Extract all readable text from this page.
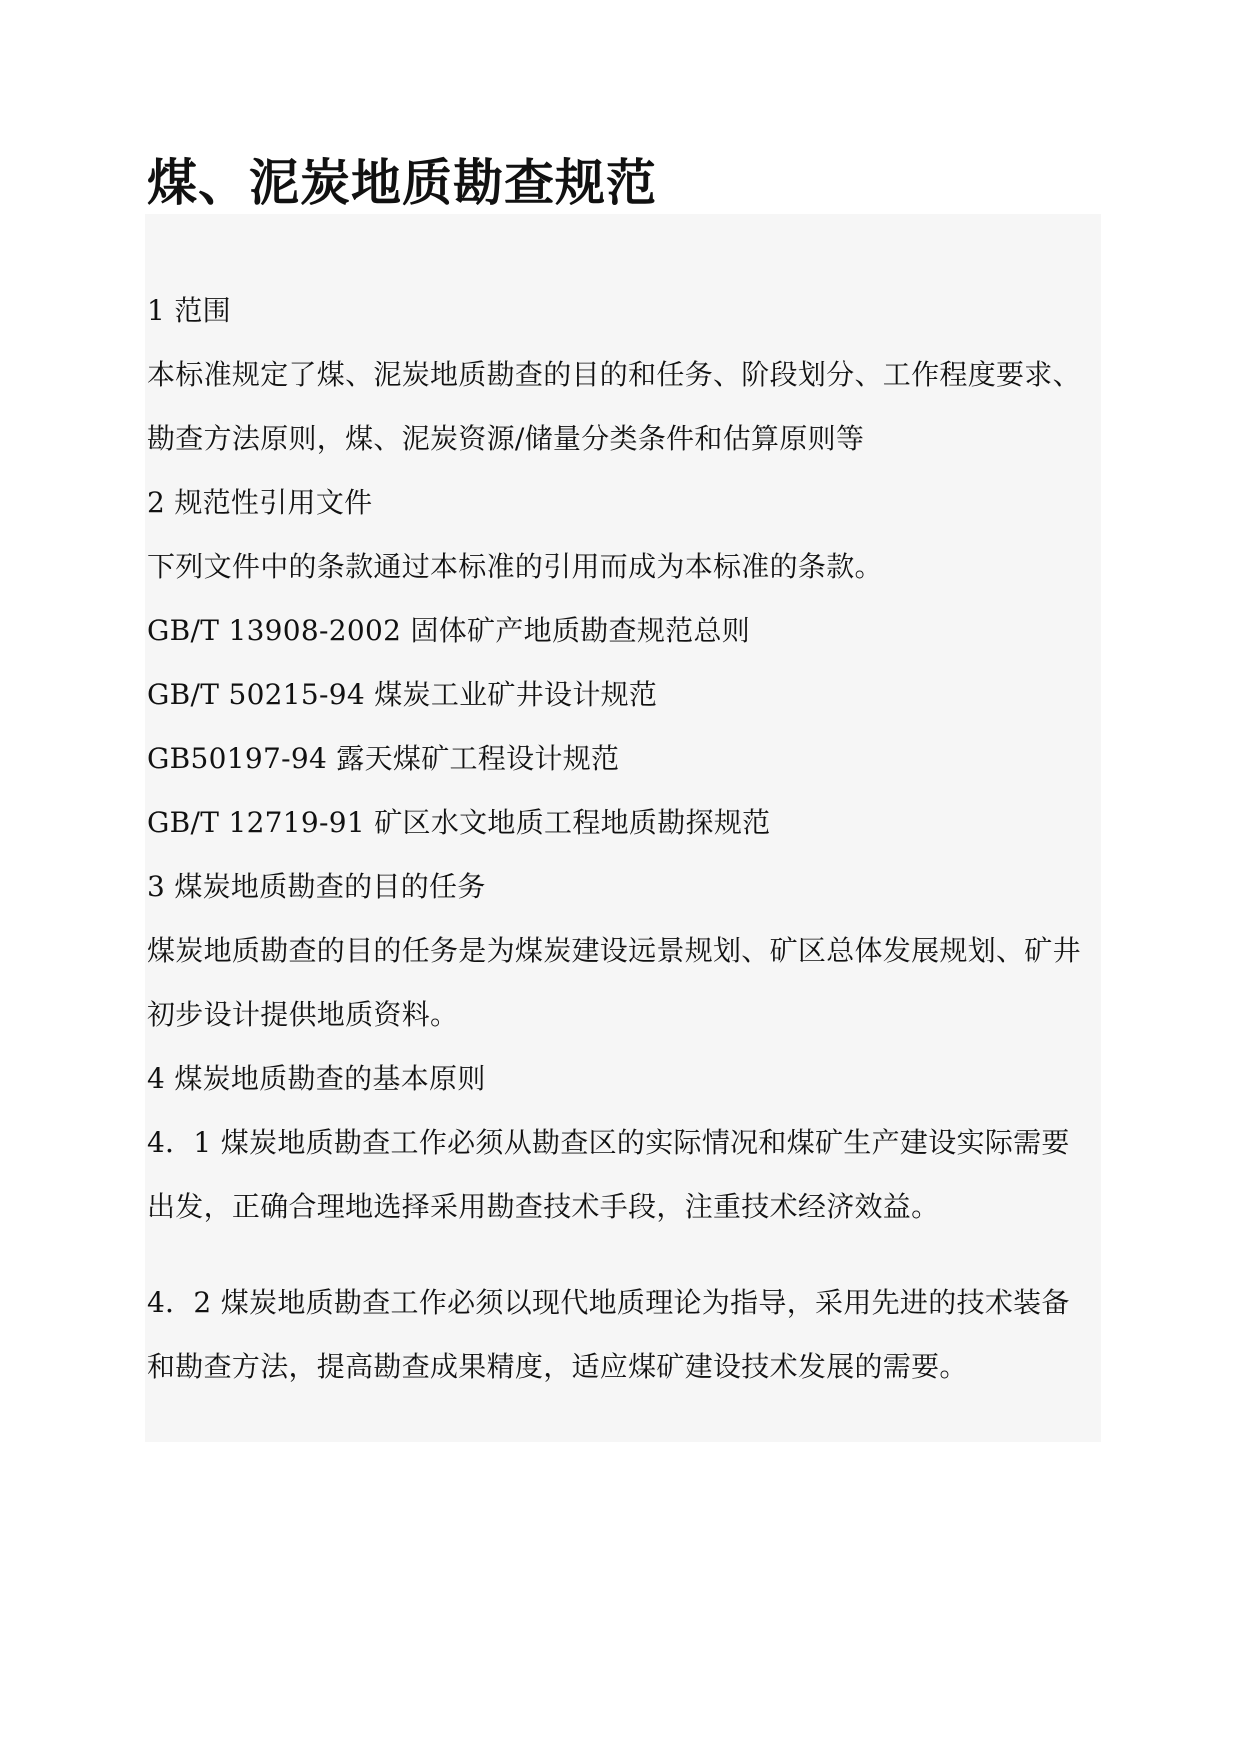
煤、泥炭地质勘查规范

1 范围

本标准规定了煤、泥炭地质勘查的目的和任务、阶段划分、工作程度要求、

勘查方法原则，煤、泥炭资源/储量分类条件和估算原则等

2 规范性引用文件

下列文件中的条款通过本标准的引用而成为本标准的条款。

GB/T 13908-2002 固体矿产地质勘查规范总则

GB/T 50215-94 煤炭工业矿井设计规范

GB50197-94 露天煤矿工程设计规范

GB/T 12719-91 矿区水文地质工程地质勘探规范

3 煤炭地质勘查的目的任务

煤炭地质勘查的目的任务是为煤炭建设远景规划、矿区总体发展规划、矿井

初步设计提供地质资料。

4 煤炭地质勘查的基本原则

4．1 煤炭地质勘查工作必须从勘查区的实际情况和煤矿生产建设实际需要

出发，正确合理地选择采用勘查技术手段，注重技术经济效益。

4．2 煤炭地质勘查工作必须以现代地质理论为指导，采用先进的技术装备

和勘查方法，提高勘查成果精度，适应煤矿建设技术发展的需要。
